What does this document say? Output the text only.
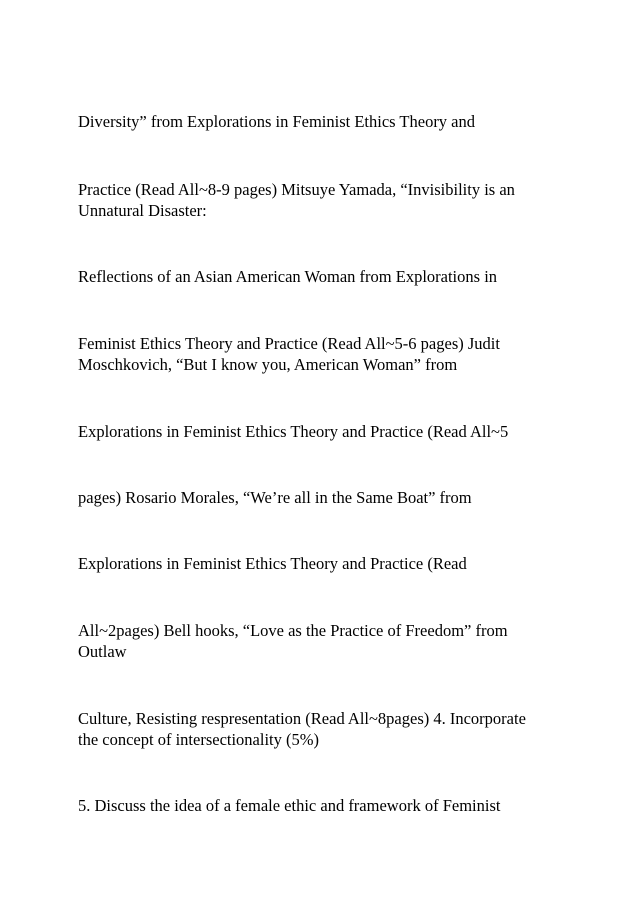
Diversity” from Explorations in Feminist Ethics Theory and

Practice (Read All~8-9 pages) Mitsuye Yamada, “Invisibility is an
Unnatural Disaster:

Reflections of an Asian American Woman from Explorations in

Feminist Ethics Theory and Practice (Read All~5-6 pages) Judit
Moschkovich, “But I know you, American Woman” from

Explorations in Feminist Ethics Theory and Practice (Read All~5

pages) Rosario Morales, “We’re all in the Same Boat” from

Explorations in Feminist Ethics Theory and Practice (Read

All~2pages) Bell hooks, “Love as the Practice of Freedom” from
Outlaw

Culture, Resisting respresentation (Read All~8pages) 4. Incorporate
the concept of intersectionality (5%)

5. Discuss the idea of a female ethic and framework of Feminist
